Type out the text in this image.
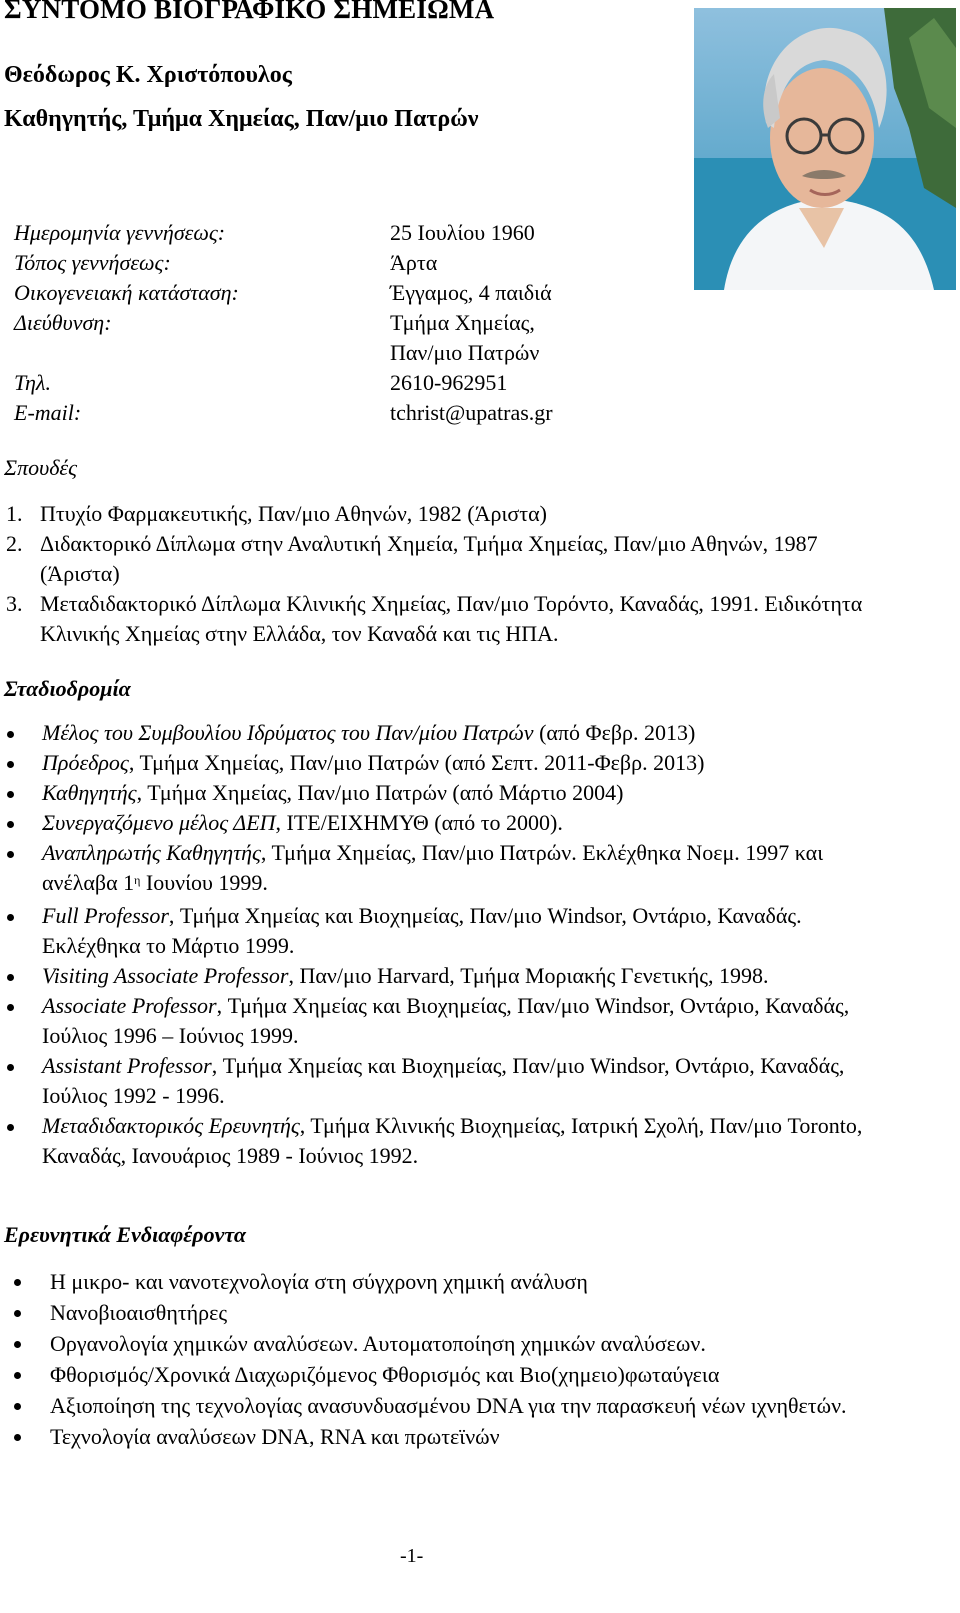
ΣΥΝΤΟΜΟ ΒΙΟΓΡΑΦΙΚΟ ΣΗΜΕΙΩΜΑ
Θεόδωρος Κ. Χριστόπουλος
Καθηγητής, Τμήμα Χημείας, Παν/μιο Πατρών
Ημερομηνία γεννήσεως:	25 Ιουλίου 1960
Τόπος γεννήσεως:	Άρτα
Οικογενειακή κατάσταση:	Έγγαμος, 4 παιδιά
Διεύθυνση:	Τμήμα Χημείας,
Παν/μιο Πατρών
Τηλ.	2610-962951
E-mail:	tchrist@upatras.gr
Σπουδές
1. Πτυχίο Φαρμακευτικής, Παν/μιο Αθηνών, 1982 (Άριστα)
2. Διδακτορικό Δίπλωμα στην Αναλυτική Χημεία, Τμήμα Χημείας, Παν/μιο Αθηνών, 1987 (Άριστα)
3. Μεταδιδακτορικό Δίπλωμα Κλινικής Χημείας, Παν/μιο Τορόντο, Καναδάς, 1991. Ειδικότητα Κλινικής Χημείας στην Ελλάδα, τον Καναδά και τις ΗΠΑ.
Σταδιοδρομία
Μέλος του Συμβουλίου Ιδρύματος του Παν/μίου Πατρών (από Φεβρ. 2013)
Πρόεδρος, Τμήμα Χημείας, Παν/μιο Πατρών (από Σεπτ. 2011-Φεβρ. 2013)
Καθηγητής, Τμήμα Χημείας, Παν/μιο Πατρών (από Μάρτιο 2004)
Συνεργαζόμενο μέλος ΔΕΠ, ΙΤΕ/ΕΙΧΗΜΥΘ (από το 2000).
Αναπληρωτής Καθηγητής, Τμήμα Χημείας, Παν/μιο Πατρών. Εκλέχθηκα Νοεμ. 1997 και ανέλαβα $1^\eta$ Ιουνίου 1999.
Full Professor, Τμήμα Χημείας και Βιοχημείας, Παν/μιο Windsor, Οντάριο, Καναδάς. Εκλέχθηκα το Μάρτιο 1999.
Visiting Associate Professor, Παν/μιο Harvard, Τμήμα Μοριακής Γενετικής, 1998.
Associate Professor, Τμήμα Χημείας και Βιοχημείας, Παν/μιο Windsor, Οντάριο, Καναδάς, Ιούλιος 1996 – Ιούνιος 1999.
Assistant Professor, Τμήμα Χημείας και Βιοχημείας, Παν/μιο Windsor, Οντάριο, Καναδάς, Ιούλιος 1992 - 1996.
Μεταδιδακτορικός Ερευνητής, Τμήμα Κλινικής Βιοχημείας, Ιατρική Σχολή, Παν/μιο Toronto, Καναδάς, Ιανουάριος 1989 - Ιούνιος 1992.
Ερευνητικά Ενδιαφέροντα
Η μικρο- και νανοτεχνολογία στη σύγχρονη χημική ανάλυση
Νανοβιοαισθητήρες
Οργανολογία χημικών αναλύσεων. Αυτοματοποίηση χημικών αναλύσεων.
Φθορισμός/Χρονικά Διαχωριζόμενος Φθορισμός και Βιο(χημειο)φωταύγεια
Αξιοποίηση της τεχνολογίας ανασυνδυασμένου DNA για την παρασκευή νέων ιχνηθετών.
Τεχνολογία αναλύσεων DNA, RNA και πρωτεϊνών
-1-
